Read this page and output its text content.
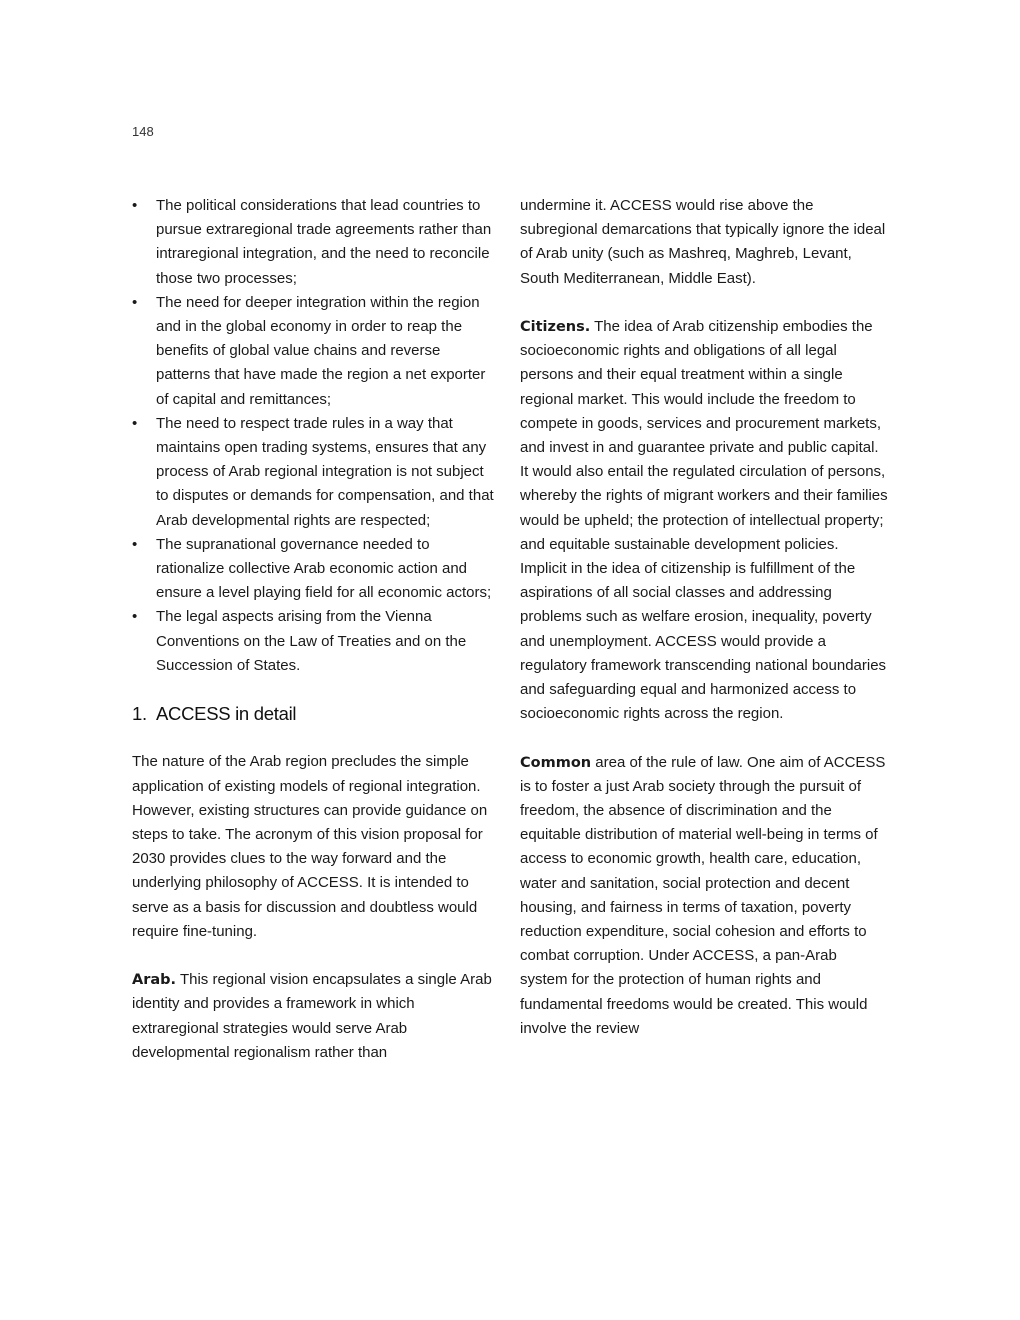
148
•	The political considerations that lead countries to pursue extraregional trade agreements rather than intraregional integration, and the need to reconcile those two processes;
•	The need for deeper integration within the region and in the global economy in order to reap the benefits of global value chains and reverse patterns that have made the region a net exporter of capital and remittances;
•	The need to respect trade rules in a way that maintains open trading systems, ensures that any process of Arab regional integration is not subject to disputes or demands for compensation, and that Arab developmental rights are respected;
•	The supranational governance needed to rationalize collective Arab economic action and ensure a level playing field for all economic actors;
•	The legal aspects arising from the Vienna Conventions on the Law of Treaties and on the Succession of States.
1. ACCESS in detail

The nature of the Arab region precludes the simple application of existing models of regional integration. However, existing structures can provide guidance on steps to take. The acronym of this vision proposal for 2030 provides clues to the way forward and the underlying philosophy of ACCESS. It is intended to serve as a basis for discussion and doubtless would require fine-tuning.

Arab. This regional vision encapsulates a single Arab identity and provides a framework in which extraregional strategies would serve Arab developmental regionalism rather than

undermine it. ACCESS would rise above the subregional demarcations that typically ignore the ideal of Arab unity (such as Mashreq, Maghreb, Levant, South Mediterranean, Middle East).

Citizens. The idea of Arab citizenship embodies the socioeconomic rights and obligations of all legal persons and their equal treatment within a single regional market. This would include the freedom to compete in goods, services and procurement markets, and invest in and guarantee private and public capital. It would also entail the regulated circulation of persons, whereby the rights of migrant workers and their families would be upheld; the protection of intellectual property; and equitable sustainable development policies. Implicit in the idea of citizenship is fulfillment of the aspirations of all social classes and addressing problems such as welfare erosion, inequality, poverty and unemployment. ACCESS would provide a regulatory framework transcending national boundaries and safeguarding equal and harmonized access to socioeconomic rights across the region.

Common area of the rule of law. One aim of ACCESS is to foster a just Arab society through the pursuit of freedom, the absence of discrimination and the equitable distribution of material well-being in terms of access to economic growth, health care, education, water and sanitation, social protection and decent housing, and fairness in terms of taxation, poverty reduction expenditure, social cohesion and efforts to combat corruption. Under ACCESS, a pan-Arab system for the protection of human rights and fundamental freedoms would be created. This would involve the review
